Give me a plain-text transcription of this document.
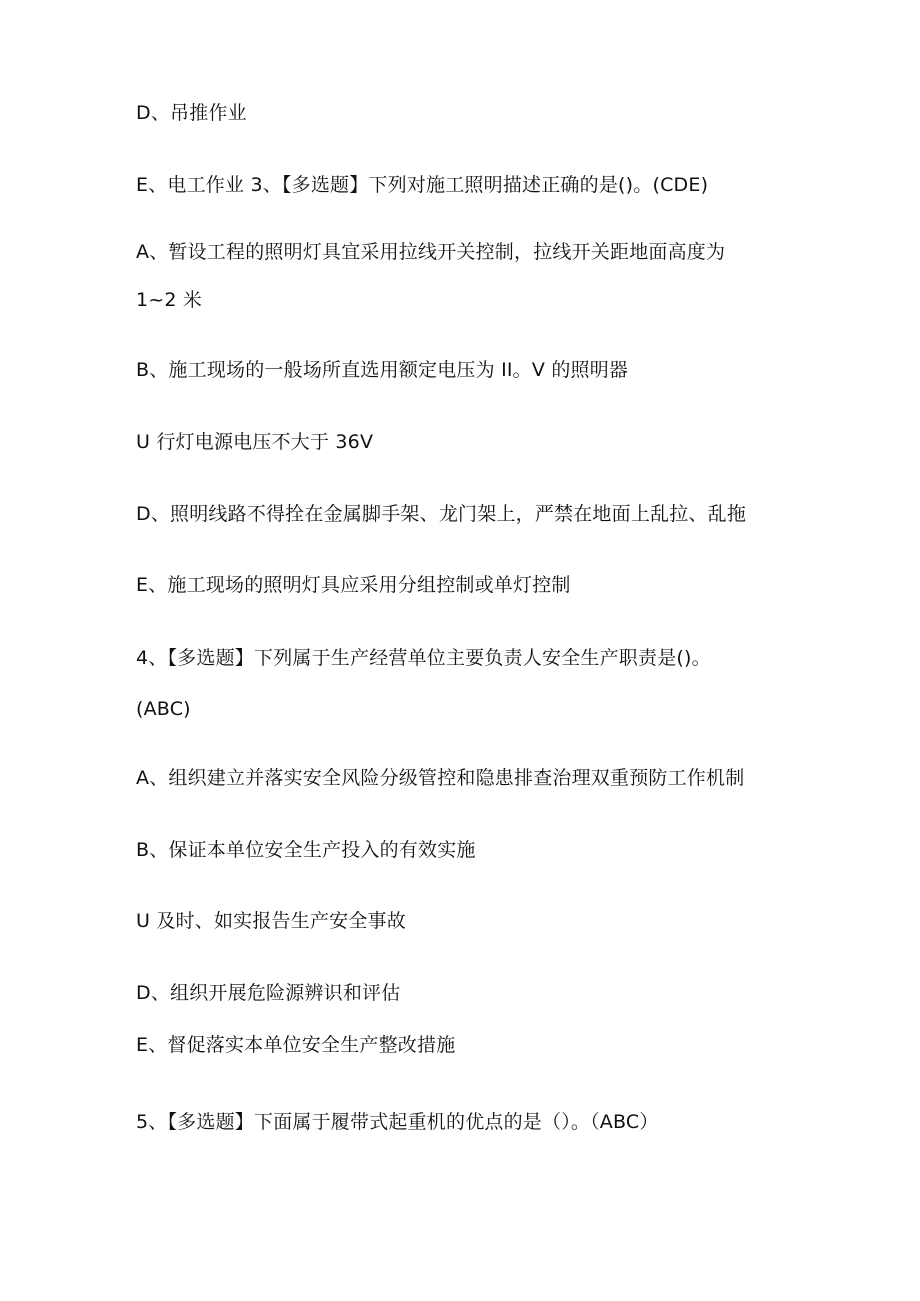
D、吊推作业
E、电工作业 3、【多选题】下列对施工照明描述正确的是()。(CDE)
A、暂设工程的照明灯具宜采用拉线开关控制，拉线开关距地面高度为
1~2 米
B、施工现场的一般场所直选用额定电压为 II。V 的照明器
U 行灯电源电压不大于 36V
D、照明线路不得拴在金属脚手架、龙门架上，严禁在地面上乱拉、乱拖
E、施工现场的照明灯具应采用分组控制或单灯控制
4、【多选题】下列属于生产经营单位主要负责人安全生产职责是()。
(ABC)
A、组织建立并落实安全风险分级管控和隐患排查治理双重预防工作机制
B、保证本单位安全生产投入的有效实施
U 及时、如实报告生产安全事故
D、组织开展危险源辨识和评估
E、督促落实本单位安全生产整改措施
5、【多选题】下面属于履带式起重机的优点的是（）。（ABC）
